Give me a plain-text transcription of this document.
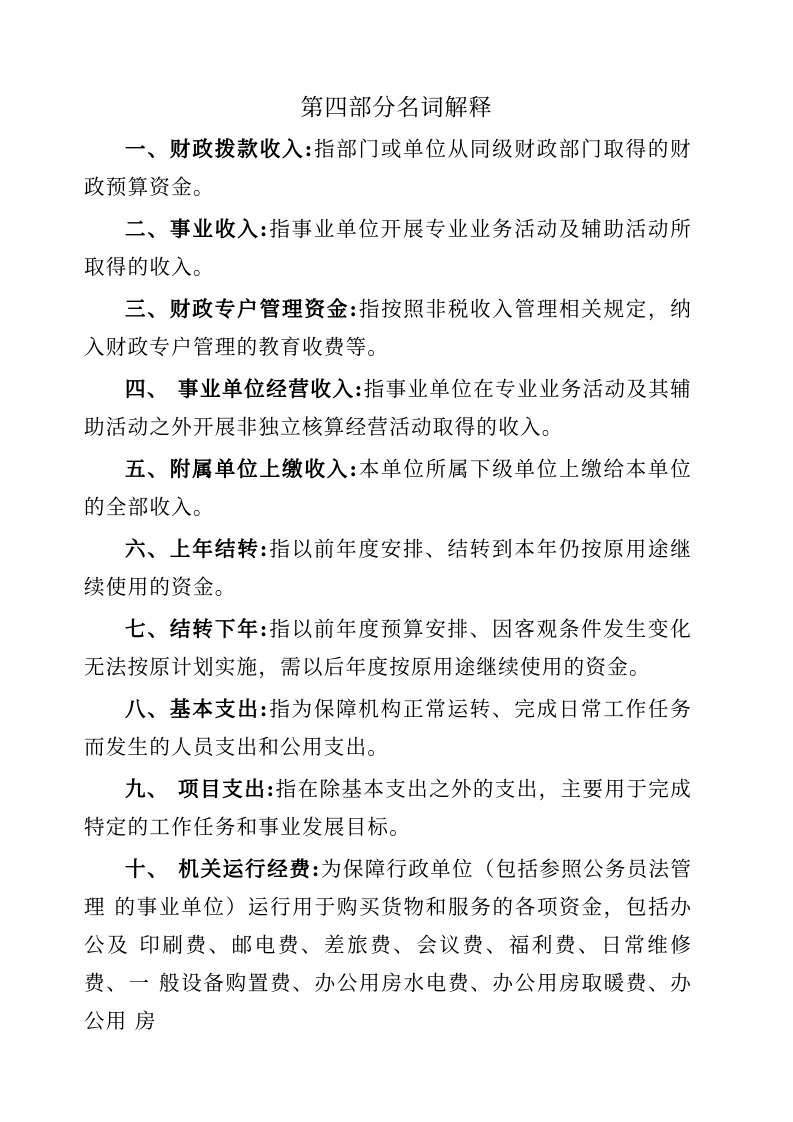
第四部分名词解释

一、财政拨款收入:指部门或单位从同级财政部门取得的财政预算资金。

二、事业收入:指事业单位开展专业业务活动及辅助活动所取得的收入。

三、财政专户管理资金:指按照非税收入管理相关规定，纳入财政专户管理的教育收费等。

四、 事业单位经营收入:指事业单位在专业业务活动及其辅助活动之外开展非独立核算经营活动取得的收入。

五、附属单位上缴收入:本单位所属下级单位上缴给本单位的全部收入。

六、上年结转:指以前年度安排、结转到本年仍按原用途继续使用的资金。

七、结转下年:指以前年度预算安排、因客观条件发生变化无法按原计划实施，需以后年度按原用途继续使用的资金。

八、基本支出:指为保障机构正常运转、完成日常工作任务而发生的人员支出和公用支出。

九、 项目支出:指在除基本支出之外的支出，主要用于完成特定的工作任务和事业发展目标。

十、 机关运行经费:为保障行政单位（包括参照公务员法管理 的事业单位）运行用于购买货物和服务的各项资金，包括办公及 印刷费、邮电费、差旅费、会议费、福利费、日常维修费、一 般设备购置费、办公用房水电费、办公用房取暖费、办公用 房
